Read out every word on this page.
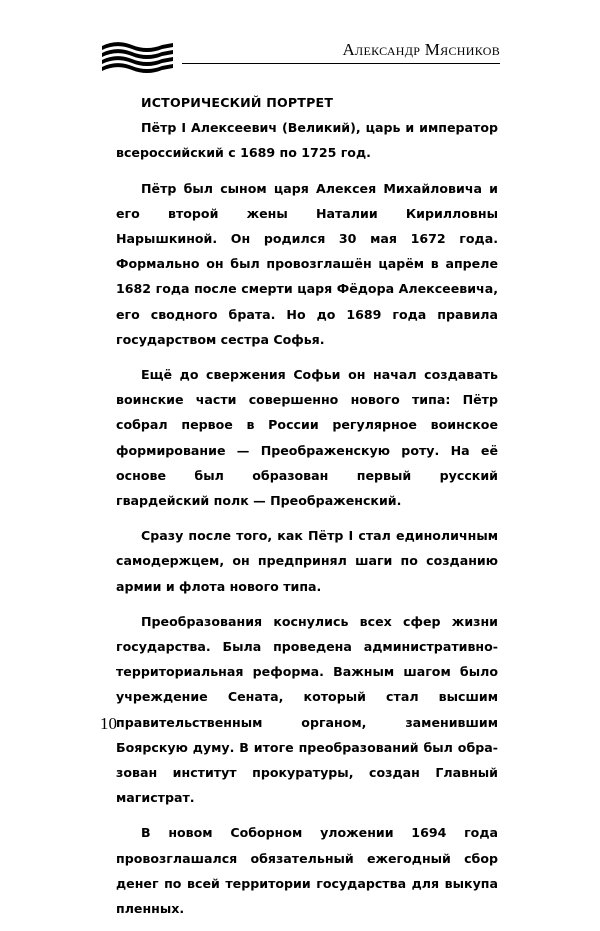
Александр Мясников
ИСТОРИЧЕСКИЙ ПОРТРЕТ

Пётр I Алексеевич (Великий), царь и император всероссийский с 1689 по 1725 год.

Пётр был сыном царя Алексея Михайловича и его второй жены Наталии Кирилловны Нарышкиной. Он родился 30 мая 1672 года. Формально он был провозглашён царём в апреле 1682 года после смерти царя Фёдора Алексеевича, его сводного брата. Но до 1689 года правила государством сестра Софья.

Ещё до свержения Софьи он начал создавать воинские части совершенно нового типа: Пётр собрал первое в России регулярное воинское формирование — Преображенскую роту. На её основе был образован первый русский гвардейский полк — Преображенский.

Сразу после того, как Пётр I стал единоличным самодержцем, он предпринял шаги по созданию армии и флота нового типа.

Преобразования коснулись всех сфер жизни государства. Была проведена административно-территориальная реформа. Важным шагом было учреждение Сената, который стал высшим правительственным органом, заменившим Боярскую думу. В итоге преобразований был образован институт прокуратуры, создан Главный магистрат.

В новом Соборном уложении 1694 года провозглашался обязательный ежегодный сбор денег по всей территории государства для выкупа пленных.

10
